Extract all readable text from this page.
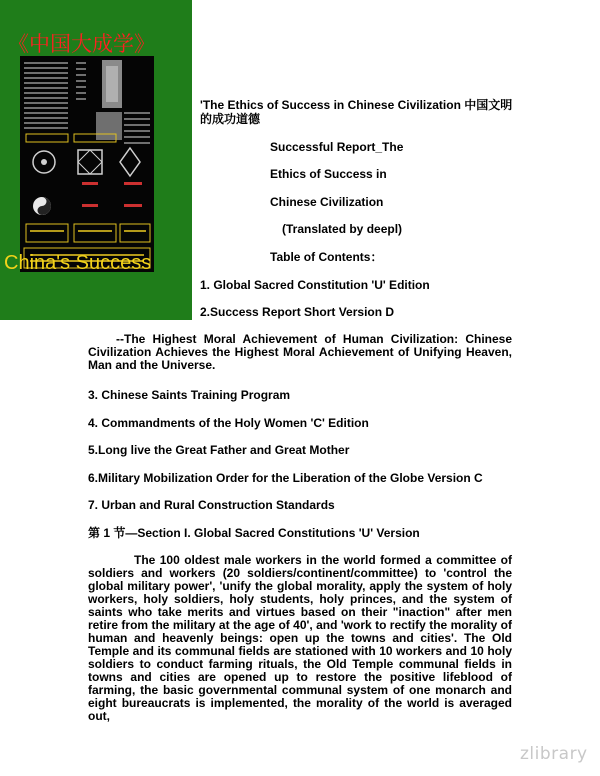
《中国大成学》
China's Success

'The Ethics of Success in Chinese Civilization 中国文明的成功道德

Successful Report_The

Ethics of Success in

Chinese Civilization

(Translated by deepl)

Table of Contents：

1. Global Sacred Constitution 'U' Edition

2.Success Report Short Version D

--The Highest Moral Achievement of Human Civilization: Chinese Civilization Achieves the Highest Moral Achievement of Unifying Heaven, Man and the Universe.

3. Chinese Saints Training Program

4. Commandments of the Holy Women 'C' Edition

5.Long live the Great Father and Great Mother

6.Military Mobilization Order for the Liberation of the Globe Version C

7. Urban and Rural Construction Standards

第 1 节—Section I. Global Sacred Constitutions 'U' Version

The 100 oldest male workers in the world formed a committee of soldiers and workers (20 soldiers/continent/committee) to 'control the global military power', 'unify the global morality, apply the system of holy workers, holy soldiers, holy students, holy princes, and the system of saints who take merits and virtues based on their "inaction" after men retire from the military at the age of 40', and 'work to rectify the morality of human and heavenly beings: open up the towns and cities'. The Old Temple and its communal fields are stationed with 10 workers and 10 holy soldiers to conduct farming rituals, the Old Temple communal fields in towns and cities are opened up to restore the positive lifeblood of farming, the basic governmental communal system of one monarch and eight bureaucrats is implemented, the morality of the world is averaged out,

zlibrary
